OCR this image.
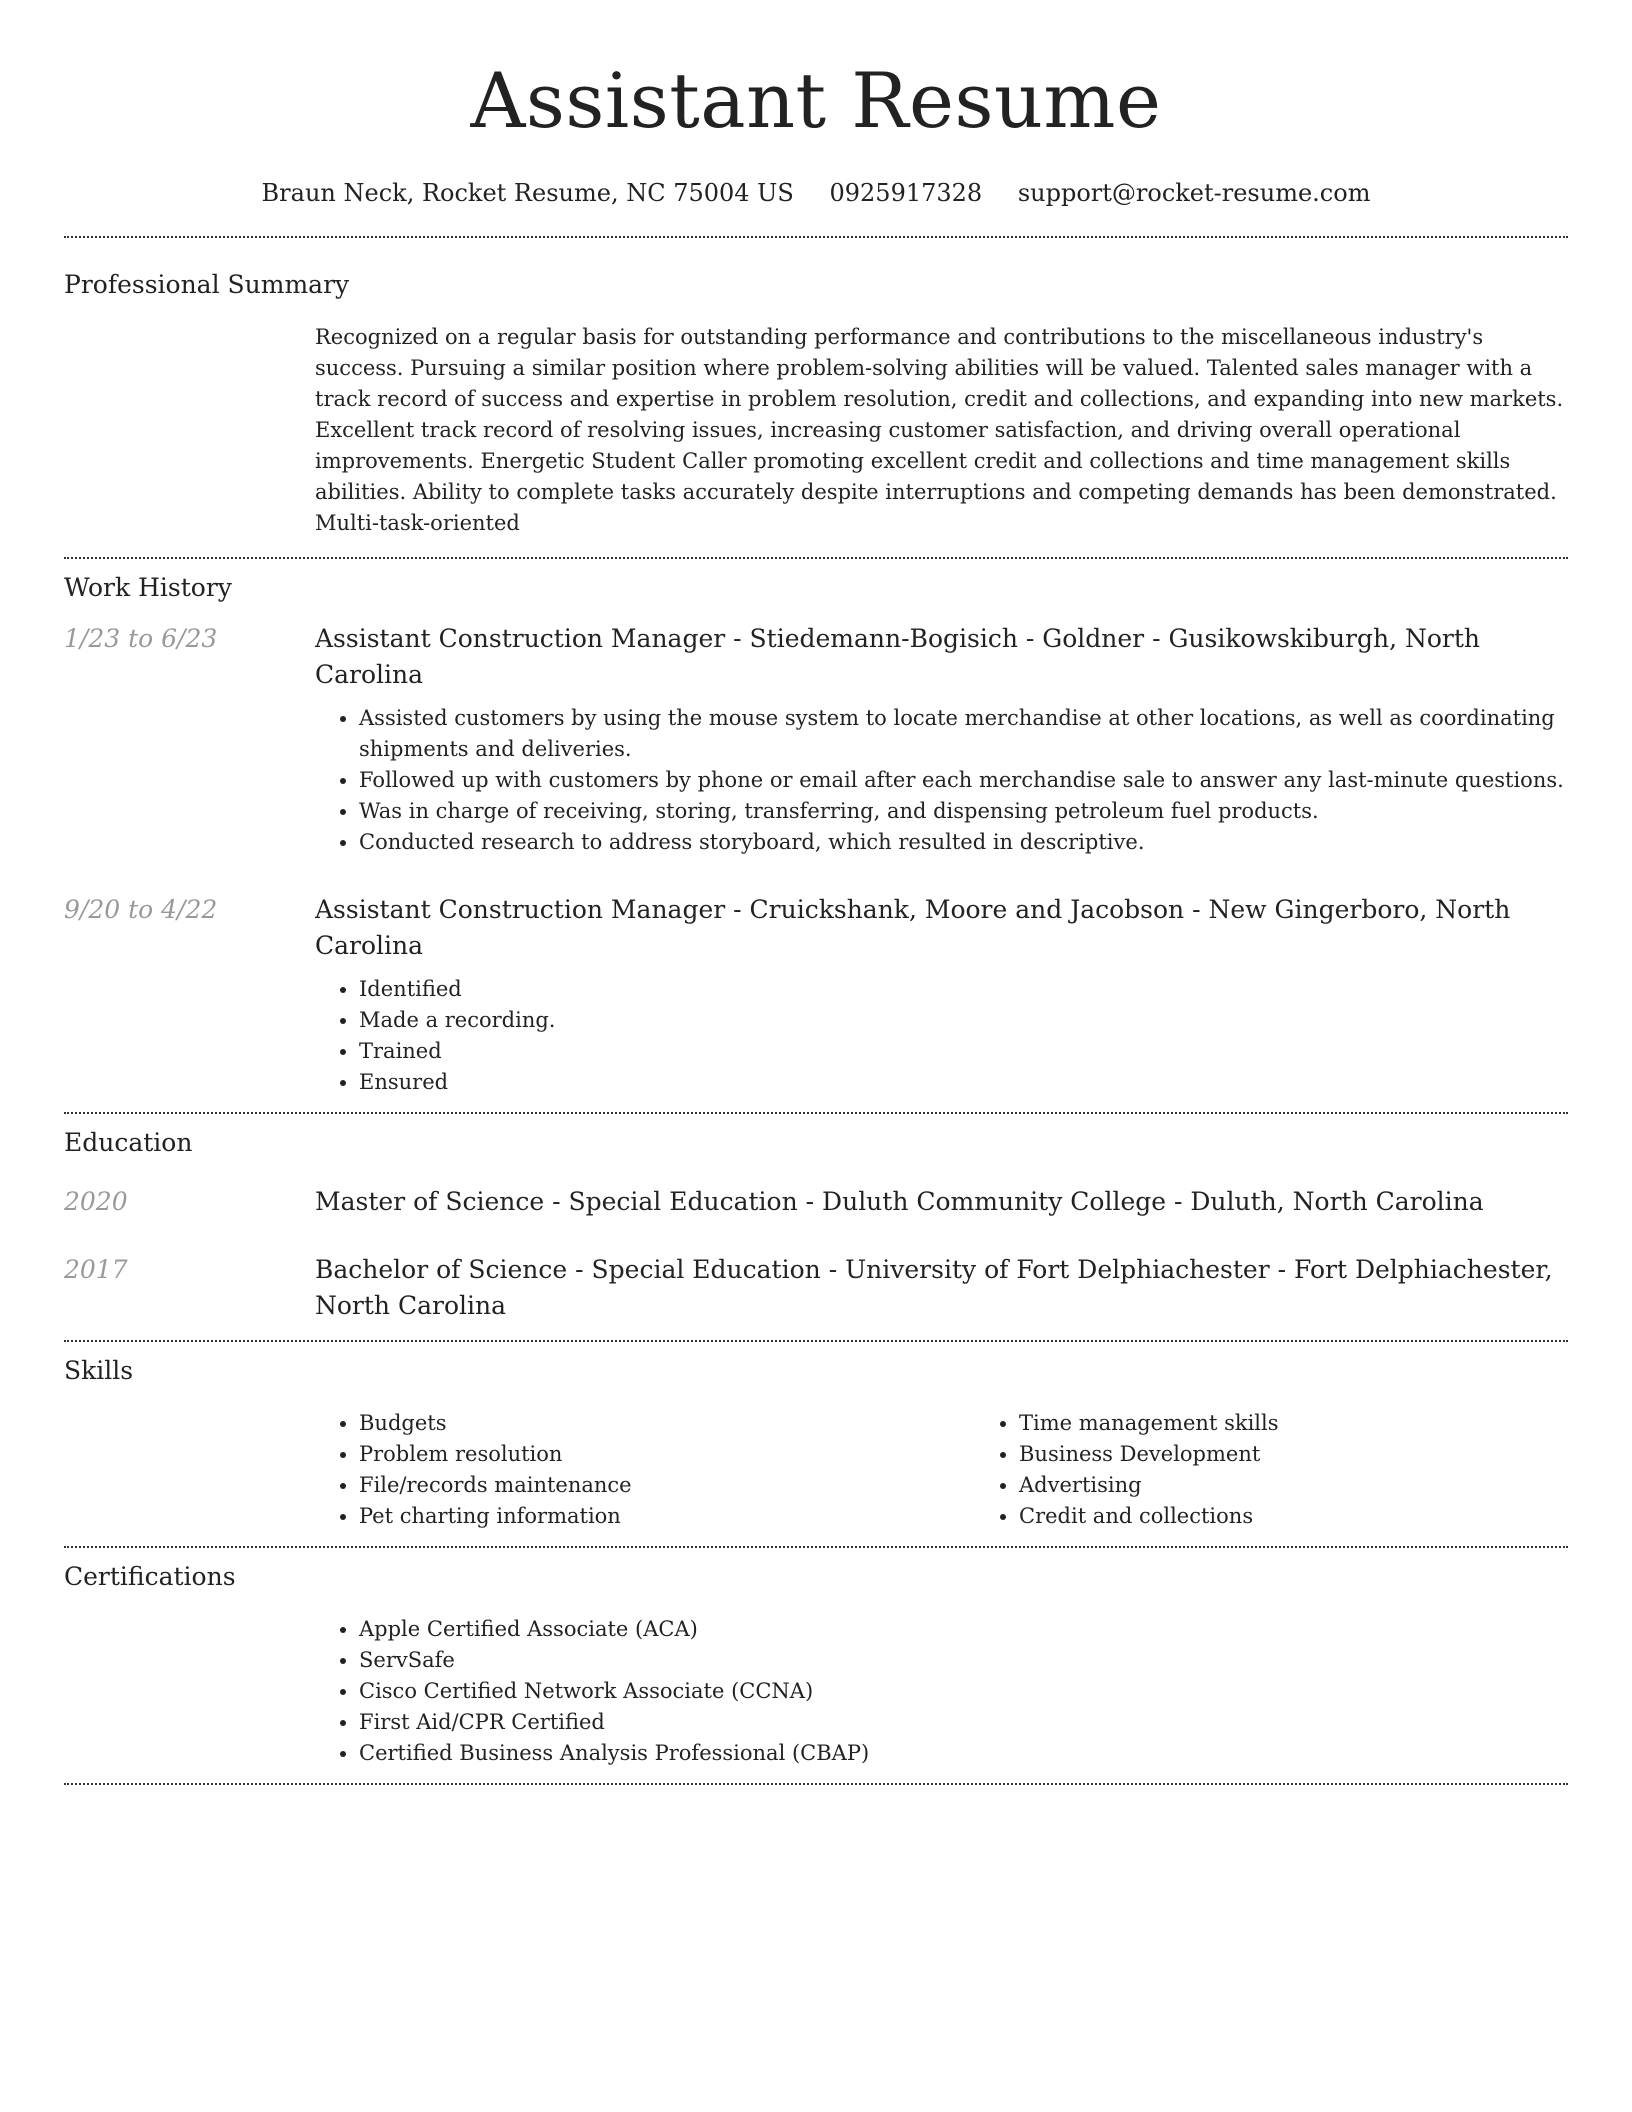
Assistant Resume
Braun Neck, Rocket Resume, NC 75004 US 0925917328 support@rocket-resume.com
Professional Summary

Recognized on a regular basis for outstanding performance and contributions to the miscellaneous industry's success. Pursuing a similar position where problem-solving abilities will be valued. Talented sales manager with a track record of success and expertise in problem resolution, credit and collections, and expanding into new markets. Excellent track record of resolving issues, increasing customer satisfaction, and driving overall operational improvements. Energetic Student Caller promoting excellent credit and collections and time management skills abilities. Ability to complete tasks accurately despite interruptions and competing demands has been demonstrated. Multi-task-oriented

Work History
1/23 to 6/23	Assistant Construction Manager - Stiedemann-Bogisich - Goldner - Gusikowskiburgh, North Carolina

• Assisted customers by using the mouse system to locate merchandise at other locations, as well as coordinating shipments and deliveries.
• Followed up with customers by phone or email after each merchandise sale to answer any last-minute questions.
• Was in charge of receiving, storing, transferring, and dispensing petroleum fuel products.
• Conducted research to address storyboard, which resulted in descriptive.
9/20 to 4/22	Assistant Construction Manager - Cruickshank, Moore and Jacobson - New Gingerboro, North Carolina

• Identified
• Made a recording.
• Trained
• Ensured
Education
2020	Master of Science - Special Education - Duluth Community College - Duluth, North Carolina

2017	Bachelor of Science - Special Education - University of Fort Delphiachester - Fort Delphiachester, North Carolina

Skills
• Budgets
• Problem resolution
• File/records maintenance
• Pet charting information
• Time management skills
• Business Development
• Advertising
• Credit and collections
Certifications
• Apple Certified Associate (ACA)
• ServSafe
• Cisco Certified Network Associate (CCNA)
• First Aid/CPR Certified
• Certified Business Analysis Professional (CBAP)
